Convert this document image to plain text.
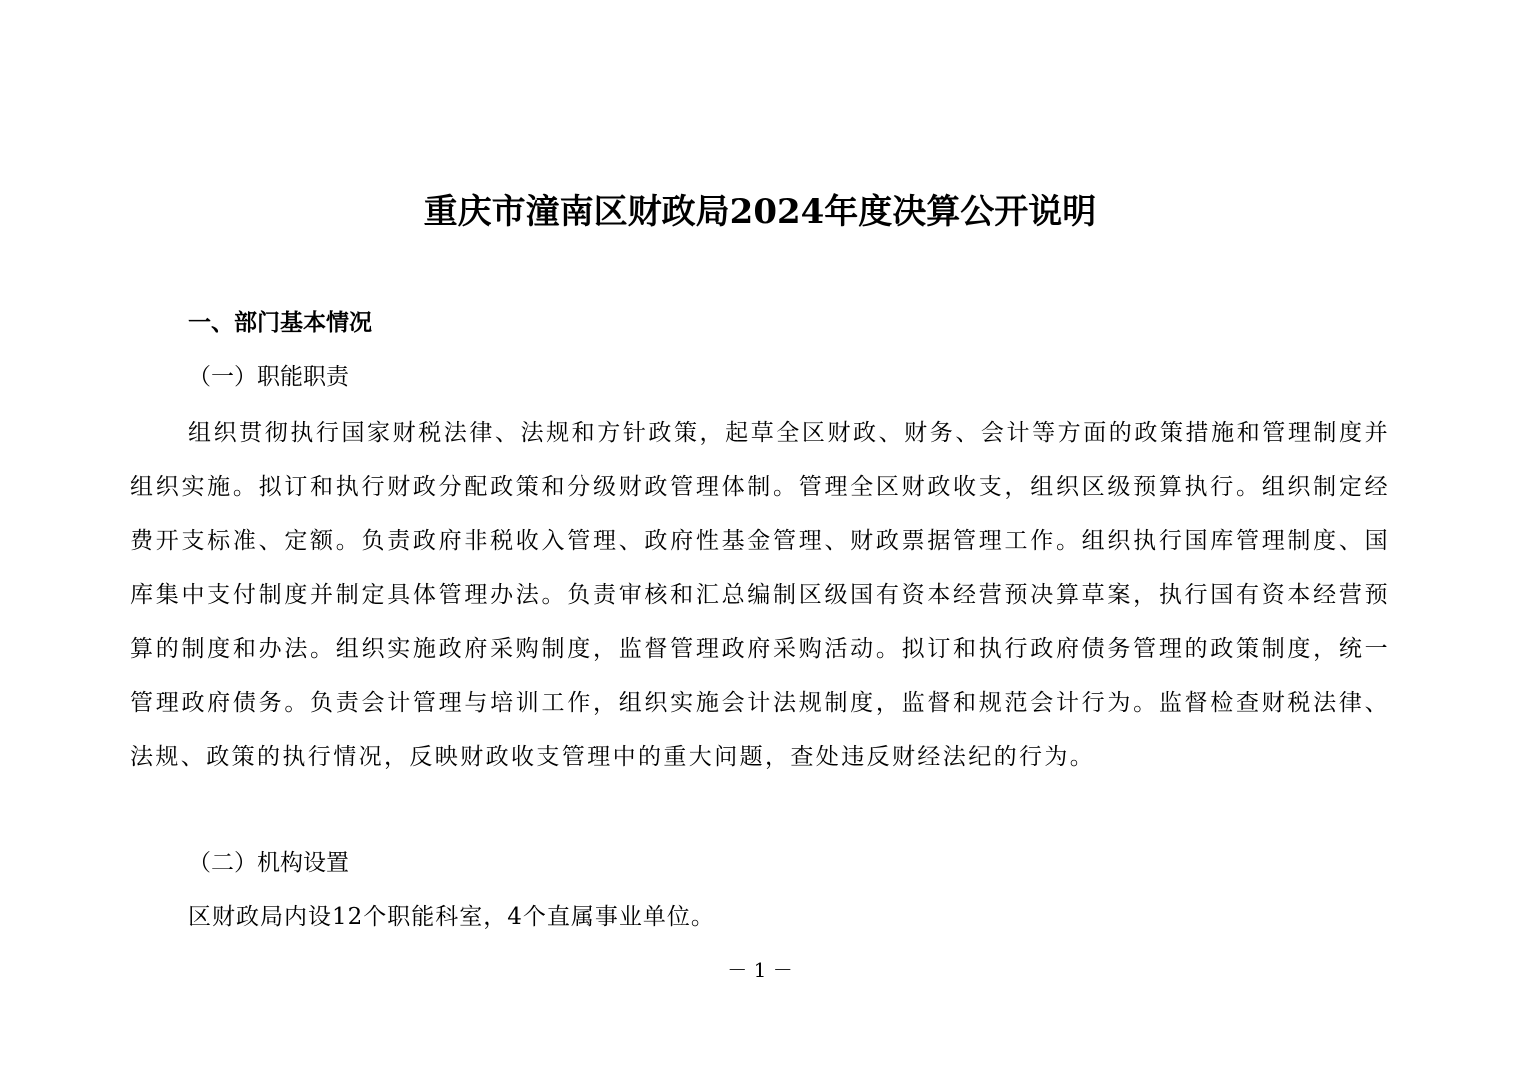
重庆市潼南区财政局2024年度决算公开说明
一、部门基本情况
（一）职能职责
组织贯彻执行国家财税法律、法规和方针政策，起草全区财政、财务、会计等方面的政策措施和管理制度并组织实施。拟订和执行财政分配政策和分级财政管理体制。管理全区财政收支，组织区级预算执行。组织制定经费开支标准、定额。负责政府非税收入管理、政府性基金管理、财政票据管理工作。组织执行国库管理制度、国库集中支付制度并制定具体管理办法。负责审核和汇总编制区级国有资本经营预决算草案，执行国有资本经营预算的制度和办法。组织实施政府采购制度，监督管理政府采购活动。拟订和执行政府债务管理的政策制度，统一管理政府债务。负责会计管理与培训工作，组织实施会计法规制度，监督和规范会计行为。监督检查财税法律、法规、政策的执行情况，反映财政收支管理中的重大问题，查处违反财经法纪的行为。
（二）机构设置
区财政局内设12个职能科室，4个直属事业单位。
－ 1 －
